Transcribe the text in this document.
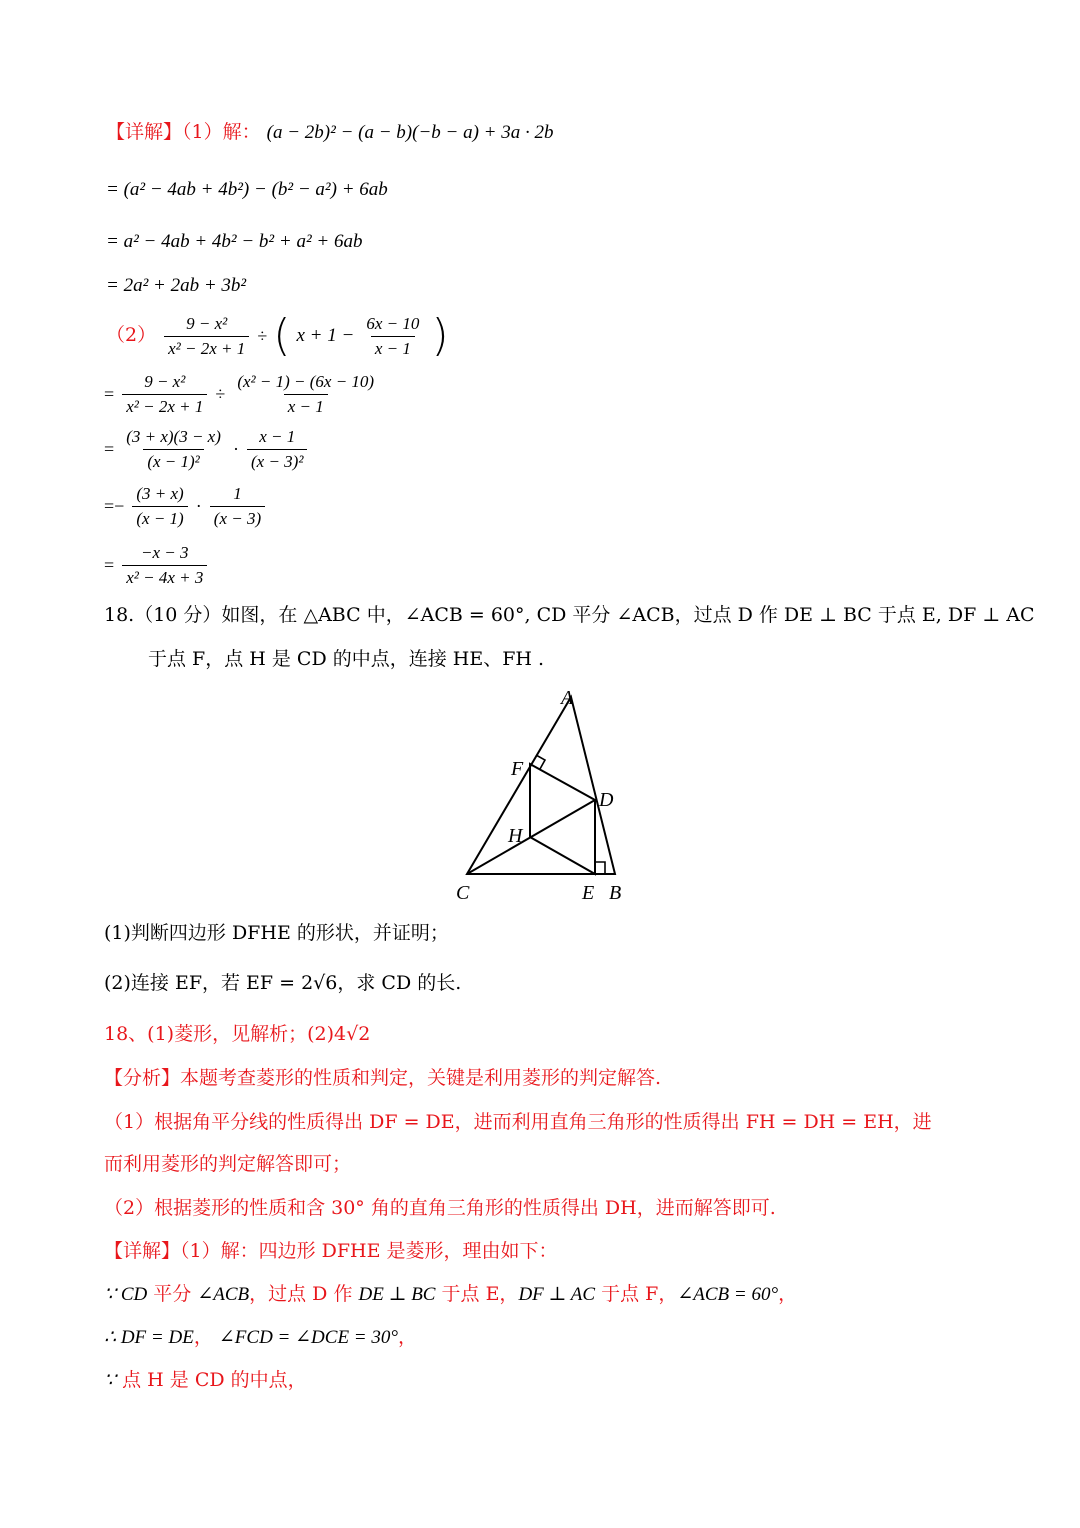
【详解】（1）解： (a − 2b)² − (a − b)(−b − a) + 3a · 2b
= (a² − 4ab + 4b²) − (b² − a²) + 6ab
= a² − 4ab + 4b² − b² + a² + 6ab
= 2a² + 2ab + 3b²
$(2) \frac{\text{9 − x²}}{\text{x² − 2x + 1}}$ ÷ ( $x + 1 - \frac{6x - 10}{x - 1}$ )
= $\frac{\text{9 − x²}}{\text{x² − 2x + 1}} \div \frac{\text{(x² − 1) − (6x − 10)}}{x - 1}$
= $\frac{(3 + x)(3 - x)}{\text{(x − 1)²}} \cdot \frac{x - 1}{\text{(x − 3)²}}$
=− $\frac{(3 + x)}{(x - 1)} \cdot \frac{1}{(x - 3)}$
= $\frac{-x - 3}{\text{x² − 4x + 3}}$
18.（10 分）如图，在 △ABC 中，∠ACB = 60°, CD 平分 ∠ACB，过点 D 作 DE ⊥ BC 于点 E, DF ⊥ AC
于点 F，点 H 是 CD 的中点，连接 HE、FH .
A
F
D
H
C	E B
(1)判断四边形 DFHE 的形状，并证明；
(2)连接 EF，若 EF = 2√6，求 CD 的长.
18、(1)菱形，见解析；(2)4√2
【分析】本题考查菱形的性质和判定，关键是利用菱形的判定解答.
（1）根据角平分线的性质得出 DF = DE，进而利用直角三角形的性质得出 FH = DH = EH，进
而利用菱形的判定解答即可；
（2）根据菱形的性质和含 30° 角的直角三角形的性质得出 DH，进而解答即可.
【详解】（1）解：四边形 DFHE 是菱形，理由如下：
∵ CD 平分 ∠ACB，过点 D 作 DE ⊥ BC 于点 E，DF ⊥ AC 于点 F，∠ACB = 60°，
∴ DF = DE， ∠FCD = ∠DCE = 30°，
∵ 点 H 是 CD 的中点，
